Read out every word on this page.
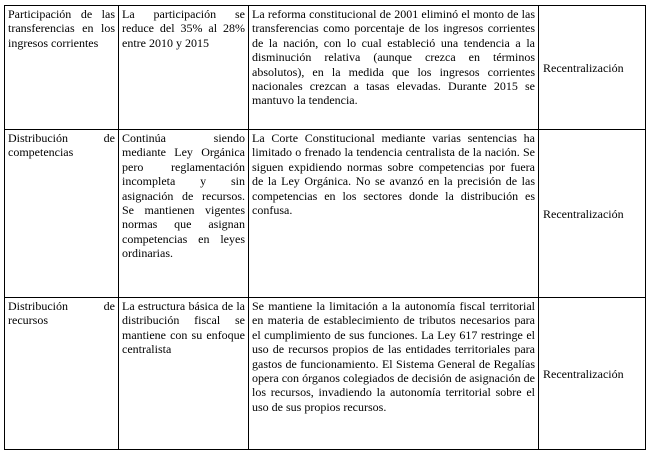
Participación de las transferencias en los ingresos corrientes	La participación se reduce del 35% al 28% entre 2010 y 2015	La reforma constitucional de 2001 eliminó el monto de las transferencias como porcentaje de los ingresos corrientes de la nación, con lo cual estableció una tendencia a la disminución relativa (aunque crezca en términos absolutos), en la medida que los ingresos corrientes nacionales crezcan a tasas elevadas. Durante 2015 se mantuvo la tendencia.	Recentralización
Distribución de competencias	Continúa siendo mediante Ley Orgánica pero reglamentación incompleta y sin asignación de recursos. Se mantienen vigentes normas que asignan competencias en leyes ordinarias.	La Corte Constitucional mediante varias sentencias ha limitado o frenado la tendencia centralista de la nación. Se siguen expidiendo normas sobre competencias por fuera de la Ley Orgánica. No se avanzó en la precisión de las competencias en los sectores donde la distribución es confusa.	Recentralización
Distribución de recursos	La estructura básica de la distribución fiscal se mantiene con su enfoque centralista	Se mantiene la limitación a la autonomía fiscal territorial en materia de establecimiento de tributos necesarios para el cumplimiento de sus funciones. La Ley 617 restringe el uso de recursos propios de las entidades territoriales para gastos de funcionamiento. El Sistema General de Regalías opera con órganos colegiados de decisión de asignación de los recursos, invadiendo la autonomía territorial sobre el uso de sus propios recursos.	Recentralización
